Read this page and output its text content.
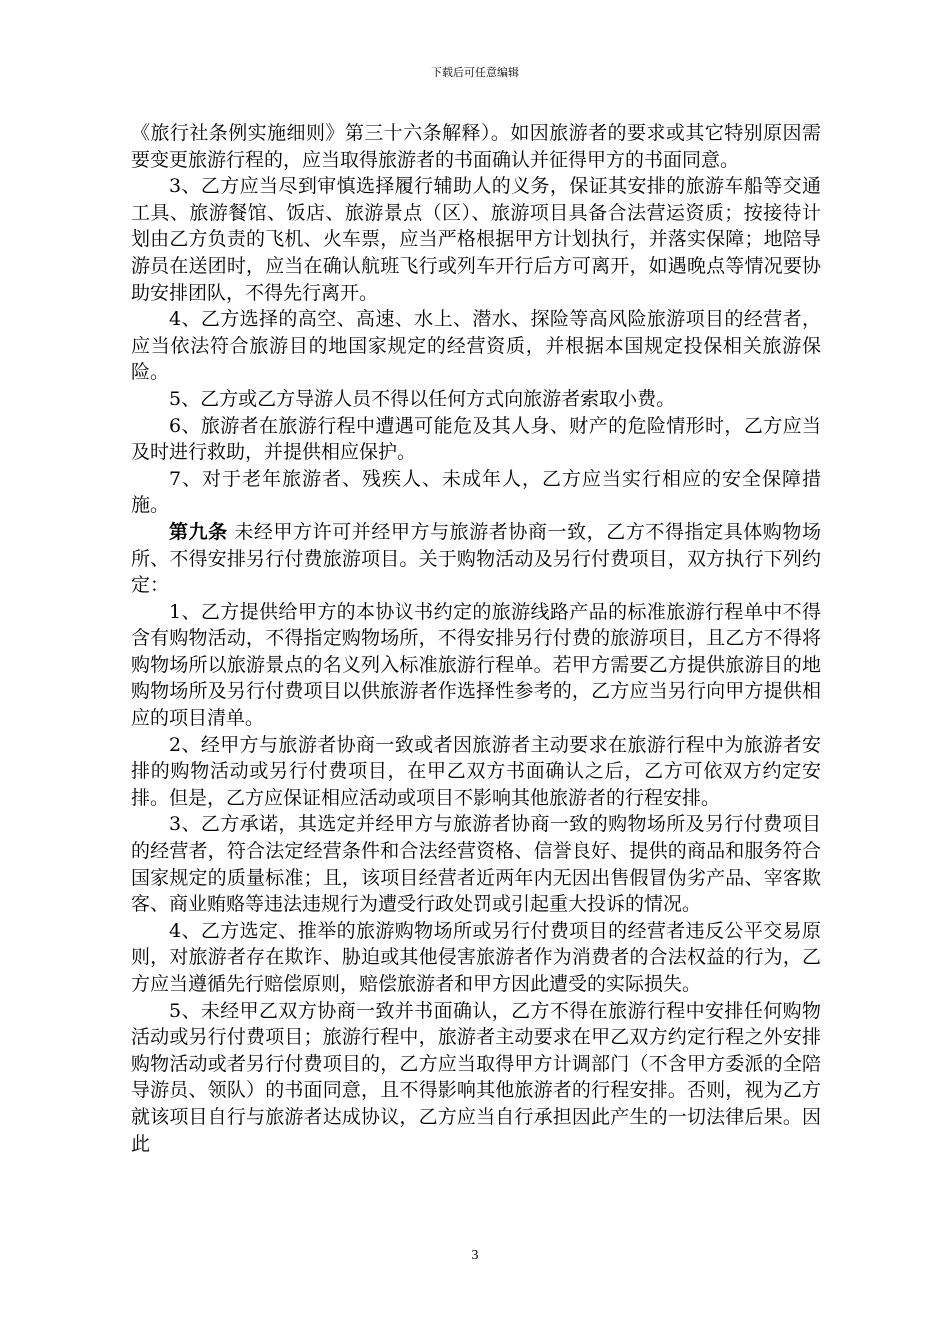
下载后可任意编辑

《旅行社条例实施细则》第三十六条解释）。如因旅游者的要求或其它特别原因需要变更旅游行程的，应当取得旅游者的书面确认并征得甲方的书面同意。

3、乙方应当尽到审慎选择履行辅助人的义务，保证其安排的旅游车船等交通工具、旅游餐馆、饭店、旅游景点（区）、旅游项目具备合法营运资质；按接待计划由乙方负责的飞机、火车票，应当严格根据甲方计划执行，并落实保障；地陪导游员在送团时，应当在确认航班飞行或列车开行后方可离开，如遇晚点等情况要协助安排团队，不得先行离开。

4、乙方选择的高空、高速、水上、潜水、探险等高风险旅游项目的经营者，应当依法符合旅游目的地国家规定的经营资质，并根据本国规定投保相关旅游保险。

5、乙方或乙方导游人员不得以任何方式向旅游者索取小费。

6、旅游者在旅游行程中遭遇可能危及其人身、财产的危险情形时，乙方应当及时进行救助，并提供相应保护。

7、对于老年旅游者、残疾人、未成年人，乙方应当实行相应的安全保障措施。

第九条 未经甲方许可并经甲方与旅游者协商一致，乙方不得指定具体购物场所、不得安排另行付费旅游项目。关于购物活动及另行付费项目，双方执行下列约定：

1、乙方提供给甲方的本协议书约定的旅游线路产品的标准旅游行程单中不得含有购物活动，不得指定购物场所，不得安排另行付费的旅游项目，且乙方不得将购物场所以旅游景点的名义列入标准旅游行程单。若甲方需要乙方提供旅游目的地购物场所及另行付费项目以供旅游者作选择性参考的，乙方应当另行向甲方提供相应的项目清单。

2、经甲方与旅游者协商一致或者因旅游者主动要求在旅游行程中为旅游者安排的购物活动或另行付费项目，在甲乙双方书面确认之后，乙方可依双方约定安排。但是，乙方应保证相应活动或项目不影响其他旅游者的行程安排。

3、乙方承诺，其选定并经甲方与旅游者协商一致的购物场所及另行付费项目的经营者，符合法定经营条件和合法经营资格、信誉良好、提供的商品和服务符合国家规定的质量标准；且，该项目经营者近两年内无因出售假冒伪劣产品、宰客欺客、商业贿赂等违法违规行为遭受行政处罚或引起重大投诉的情况。

4、乙方选定、推举的旅游购物场所或另行付费项目的经营者违反公平交易原则，对旅游者存在欺诈、胁迫或其他侵害旅游者作为消费者的合法权益的行为，乙方应当遵循先行赔偿原则，赔偿旅游者和甲方因此遭受的实际损失。

5、未经甲乙双方协商一致并书面确认，乙方不得在旅游行程中安排任何购物活动或另行付费项目；旅游行程中，旅游者主动要求在甲乙双方约定行程之外安排购物活动或者另行付费项目的，乙方应当取得甲方计调部门（不含甲方委派的全陪导游员、领队）的书面同意，且不得影响其他旅游者的行程安排。否则，视为乙方就该项目自行与旅游者达成协议，乙方应当自行承担因此产生的一切法律后果。因此

3
